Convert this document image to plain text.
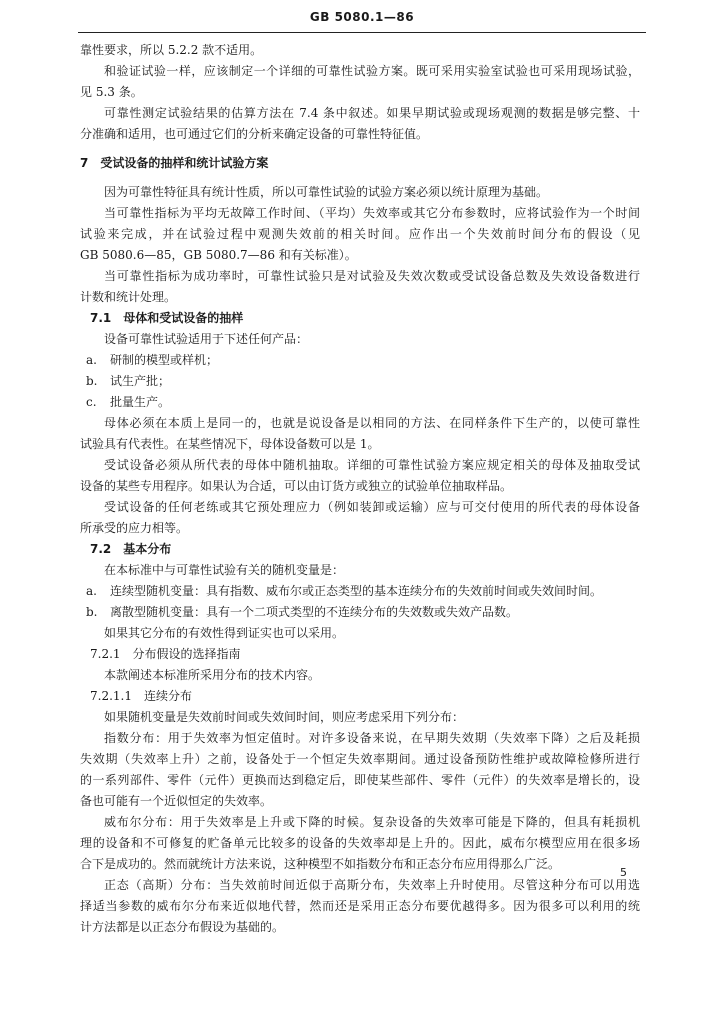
GB 5080.1—86
靠性要求，所以 5.2.2 款不适用。
和验证试验一样，应该制定一个详细的可靠性试验方案。既可采用实验室试验也可采用现场试验，
见 5.3 条。
可靠性测定试验结果的估算方法在 7.4 条中叙述。如果早期试验或现场观测的数据是够完整、十
分准确和适用，也可通过它们的分析来确定设备的可靠性特征值。
7　受试设备的抽样和统计试验方案
因为可靠性特征具有统计性质，所以可靠性试验的试验方案必须以统计原理为基础。
当可靠性指标为平均无故障工作时间、（平均）失效率或其它分布参数时，应将试验作为一个时间
试验来完成，并在试验过程中观测失效前的相关时间。应作出一个失效前时间分布的假设（见
GB 5080.6—85，GB 5080.7—86 和有关标准）。
当可靠性指标为成功率时，可靠性试验只是对试验及失效次数或受试设备总数及失效设备数进行
计数和统计处理。
7.1　母体和受试设备的抽样
设备可靠性试验适用于下述任何产品：
a. 研制的模型或样机；
b. 试生产批；
c. 批量生产。
母体必须在本质上是同一的，也就是说设备是以相同的方法、在同样条件下生产的，以使可靠性
试验具有代表性。在某些情况下，母体设备数可以是 1。
受试设备必须从所代表的母体中随机抽取。详细的可靠性试验方案应规定相关的母体及抽取受试
设备的某些专用程序。如果认为合适，可以由订货方或独立的试验单位抽取样品。
受试设备的任何老练或其它预处理应力（例如装卸或运输）应与可交付使用的所代表的母体设备
所承受的应力相等。
7.2　基本分布
在本标准中与可靠性试验有关的随机变量是：
a. 连续型随机变量：具有指数、威布尔或正态类型的基本连续分布的失效前时间或失效间时间。
b. 离散型随机变量：具有一个二项式类型的不连续分布的失效数或失效产品数。
如果其它分布的有效性得到证实也可以采用。
7.2.1　分布假设的选择指南
本款阐述本标准所采用分布的技术内容。
7.2.1.1　连续分布
如果随机变量是失效前时间或失效间时间，则应考虑采用下列分布：
指数分布：用于失效率为恒定值时。对许多设备来说，在早期失效期（失效率下降）之后及耗损
失效期（失效率上升）之前，设备处于一个恒定失效率期间。通过设备预防性维护或故障检修所进行
的一系列部件、零件（元件）更换而达到稳定后，即使某些部件、零件（元件）的失效率是增长的，设
备也可能有一个近似恒定的失效率。
威布尔分布：用于失效率是上升或下降的时候。复杂设备的失效率可能是下降的，但具有耗损机
理的设备和不可修复的贮备单元比较多的设备的失效率却是上升的。因此，威布尔模型应用在很多场
合下是成功的。然而就统计方法来说，这种模型不如指数分布和正态分布应用得那么广泛。
正态（高斯）分布：当失效前时间近似于高斯分布，失效率上升时使用。尽管这种分布可以用选
择适当参数的威布尔分布来近似地代替，然而还是采用正态分布要优越得多。因为很多可以利用的统
计方法都是以正态分布假设为基础的。
5
